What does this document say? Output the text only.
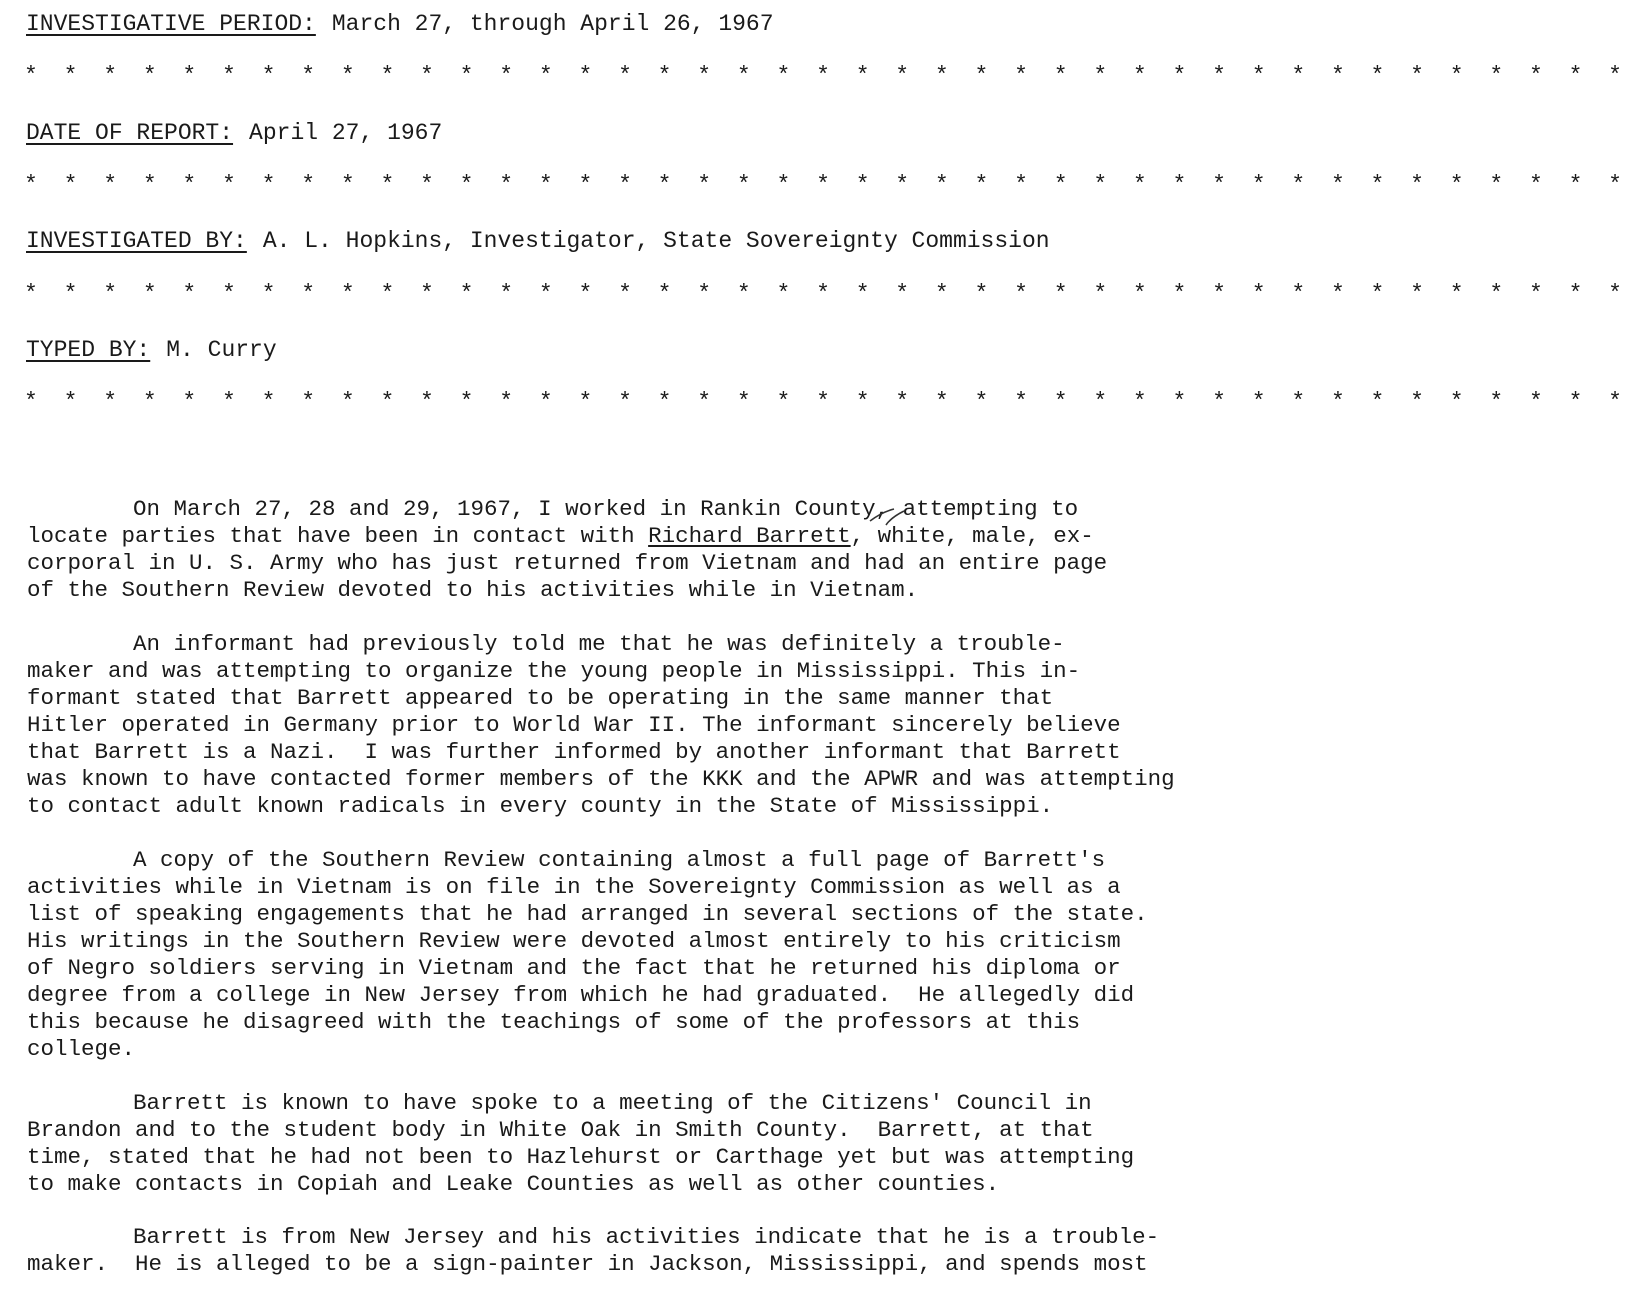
INVESTIGATIVE PERIOD: March 27, through April 26, 1967
* * * * * * * * * * * * * * * * * * * * * * * * * * * * * * * * * * * * * * * * *
DATE OF REPORT: April 27, 1967
* * * * * * * * * * * * * * * * * * * * * * * * * * * * * * * * * * * * * * * * *
INVESTIGATED BY: A. L. Hopkins, Investigator, State Sovereignty Commission
* * * * * * * * * * * * * * * * * * * * * * * * * * * * * * * * * * * * * * * * *
TYPED BY: M. Curry
* * * * * * * * * * * * * * * * * * * * * * * * * * * * * * * * * * * * * * * * *
On March 27, 28 and 29, 1967, I worked in Rankin County, attempting to
locate parties that have been in contact with Richard Barrett, white, male, ex-
corporal in U. S. Army who has just returned from Vietnam and had an entire page
of the Southern Review devoted to his activities while in Vietnam.
An informant had previously told me that he was definitely a trouble-
maker and was attempting to organize the young people in Mississippi. This in-
formant stated that Barrett appeared to be operating in the same manner that
Hitler operated in Germany prior to World War II. The informant sincerely believe
that Barrett is a Nazi.  I was further informed by another informant that Barrett
was known to have contacted former members of the KKK and the APWR and was attempting
to contact adult known radicals in every county in the State of Mississippi.
A copy of the Southern Review containing almost a full page of Barrett's
activities while in Vietnam is on file in the Sovereignty Commission as well as a
list of speaking engagements that he had arranged in several sections of the state.
His writings in the Southern Review were devoted almost entirely to his criticism
of Negro soldiers serving in Vietnam and the fact that he returned his diploma or
degree from a college in New Jersey from which he had graduated.  He allegedly did
this because he disagreed with the teachings of some of the professors at this
college.
Barrett is known to have spoke to a meeting of the Citizens' Council in
Brandon and to the student body in White Oak in Smith County.  Barrett, at that
time, stated that he had not been to Hazlehurst or Carthage yet but was attempting
to make contacts in Copiah and Leake Counties as well as other counties.
Barrett is from New Jersey and his activities indicate that he is a trouble-
maker.  He is alleged to be a sign-painter in Jackson, Mississippi, and spends most
